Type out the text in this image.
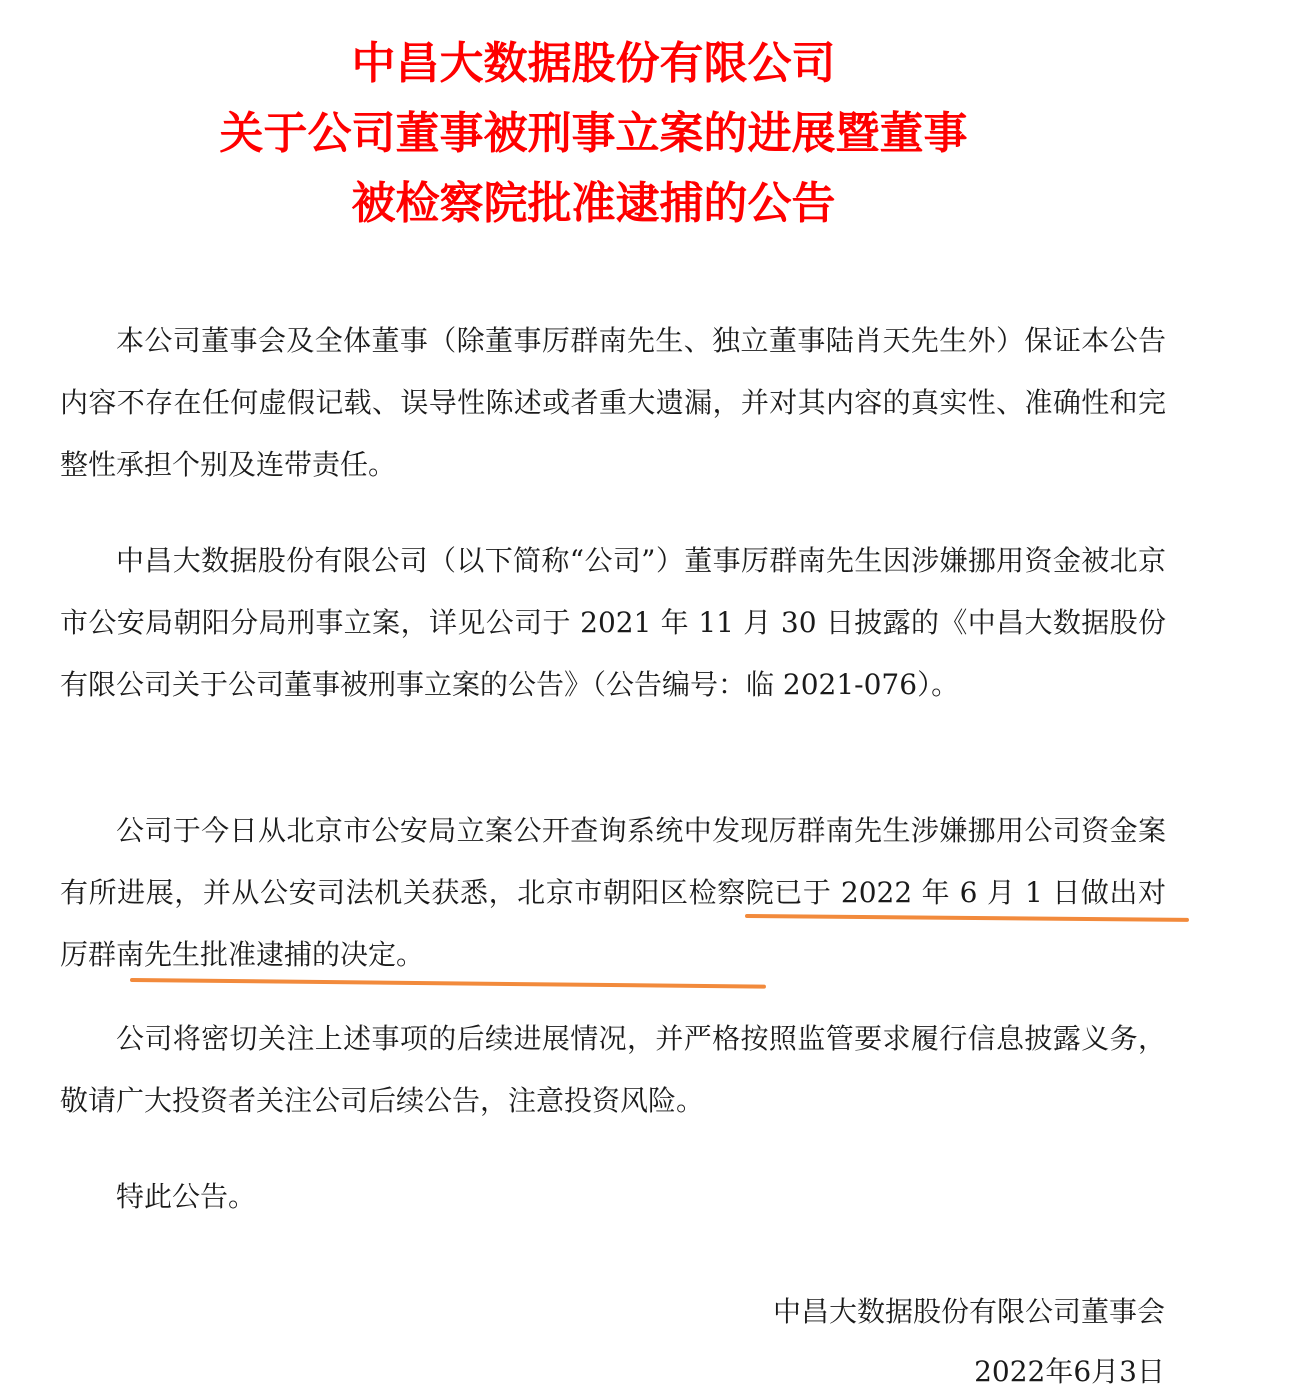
中昌大数据股份有限公司
关于公司董事被刑事立案的进展暨董事
被检察院批准逮捕的公告

本公司董事会及全体董事（除董事厉群南先生、独立董事陆肖天先生外）保证本公告内容不存在任何虚假记载、误导性陈述或者重大遗漏，并对其内容的真实性、准确性和完整性承担个别及连带责任。

中昌大数据股份有限公司（以下简称“公司”）董事厉群南先生因涉嫌挪用资金被北京市公安局朝阳分局刑事立案，详见公司于 2021 年 11 月 30 日披露的《中昌大数据股份有限公司关于公司董事被刑事立案的公告》（公告编号：临 2021-076）。

公司于今日从北京市公安局立案公开查询系统中发现厉群南先生涉嫌挪用公司资金案有所进展，并从公安司法机关获悉，北京市朝阳区检察院已于 2022 年 6 月 1 日做出对厉群南先生批准逮捕的决定。

公司将密切关注上述事项的后续进展情况，并严格按照监管要求履行信息披露义务，敬请广大投资者关注公司后续公告，注意投资风险。

特此公告。

中昌大数据股份有限公司董事会
2022年6月3日
